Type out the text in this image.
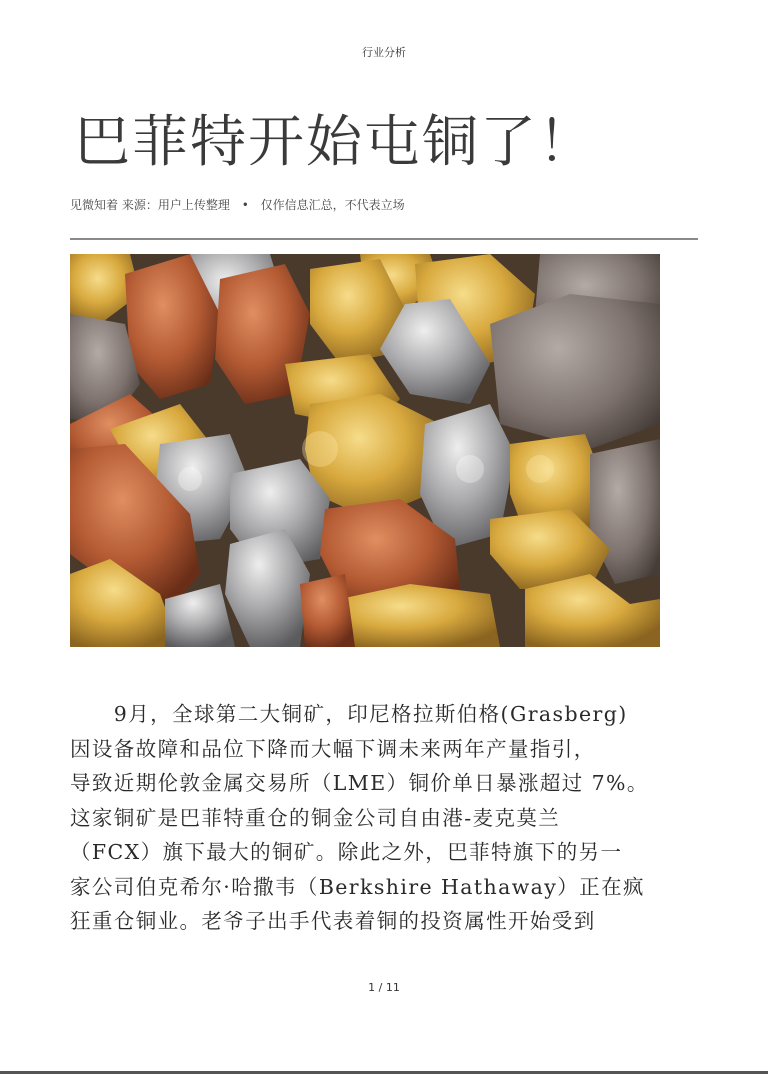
行业分析
巴菲特开始屯铜了！
见微知着 来源：用户上传整理 • 仅作信息汇总，不代表立场
　　9月，全球第二大铜矿，印尼格拉斯伯格(Grasberg)
因设备故障和品位下降而大幅下调未来两年产量指引，
导致近期伦敦金属交易所（LME）铜价单日暴涨超过 7%。
这家铜矿是巴菲特重仓的铜金公司自由港-麦克莫兰
（FCX）旗下最大的铜矿。除此之外，巴菲特旗下的另一
家公司伯克希尔·哈撒韦（Berkshire Hathaway）正在疯
狂重仓铜业。老爷子出手代表着铜的投资属性开始受到
1 / 11
